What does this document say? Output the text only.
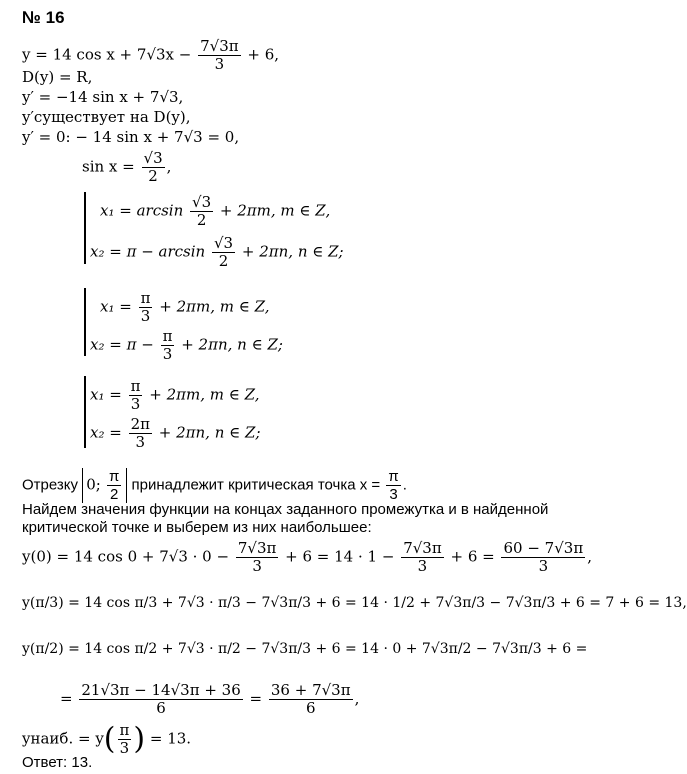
№ 16
y = 14 $\cos x + 7√3x - \frac{7√3\pi}{3} + 6$,
D(y) = R,
y′ = −14 sin x + 7√3,
y′существует на D(y),
y′ = 0: − 14 sin x + 7√3 = 0,
$\sin x = \frac{√3}{2}$ ,
$x_1 = \arcsin \frac{√3}{2} + 2\pi m$, m ∈ Z,
$x_2 = \pi - \arcsin \frac{√3}{2} + 2\pi n$, n ∈ Z;
$x_1 = \frac{\pi}{3} + 2\pi m$, m ∈ Z,
$x_2 = \pi - \frac{\pi}{3} + 2\pi n$, n ∈ Z;
$x_1 = \frac{\pi}{3} + 2\pi m$, m ∈ Z,
$x_2 = \frac{2\pi}{3} + 2\pi n$, n ∈ Z;
Отрезку 0; $\frac{\pi}{2}$ принадлежит критическая точка $x = \frac{\pi}{3}$ .
Найдем значения функции на концах заданного промежутка и в найденной
критической точке и выберем из них наибольшее:
y(0) = 14 $\cos 0 + 7√3 \cdot 0 - \frac{7√3\pi}{3} + 6 = 14 \cdot 1 - \frac{7√3\pi}{3} + 6 = \frac{60 - 7√3\pi}{3}$ ,
y(π/3) = 14 cos π/3 + 7√3 · π/3 − 7√3π/3 + 6 = 14 · 1/2 + 7√3π/3 − 7√3π/3 + 6 = 7 + 6 = 13,
y(π/2) = 14 cos π/2 + 7√3 · π/2 − 7√3π/3 + 6 = 14 · 0 + 7√3π/2 − 7√3π/3 + 6 =
= $\frac{21√3\pi - 14√3\pi + 36}{6} = \frac{36 + 7√3\pi}{6}$ ,
yнаиб. = $y( \frac{\pi}{3}$ ) = 13.
Ответ: 13.
